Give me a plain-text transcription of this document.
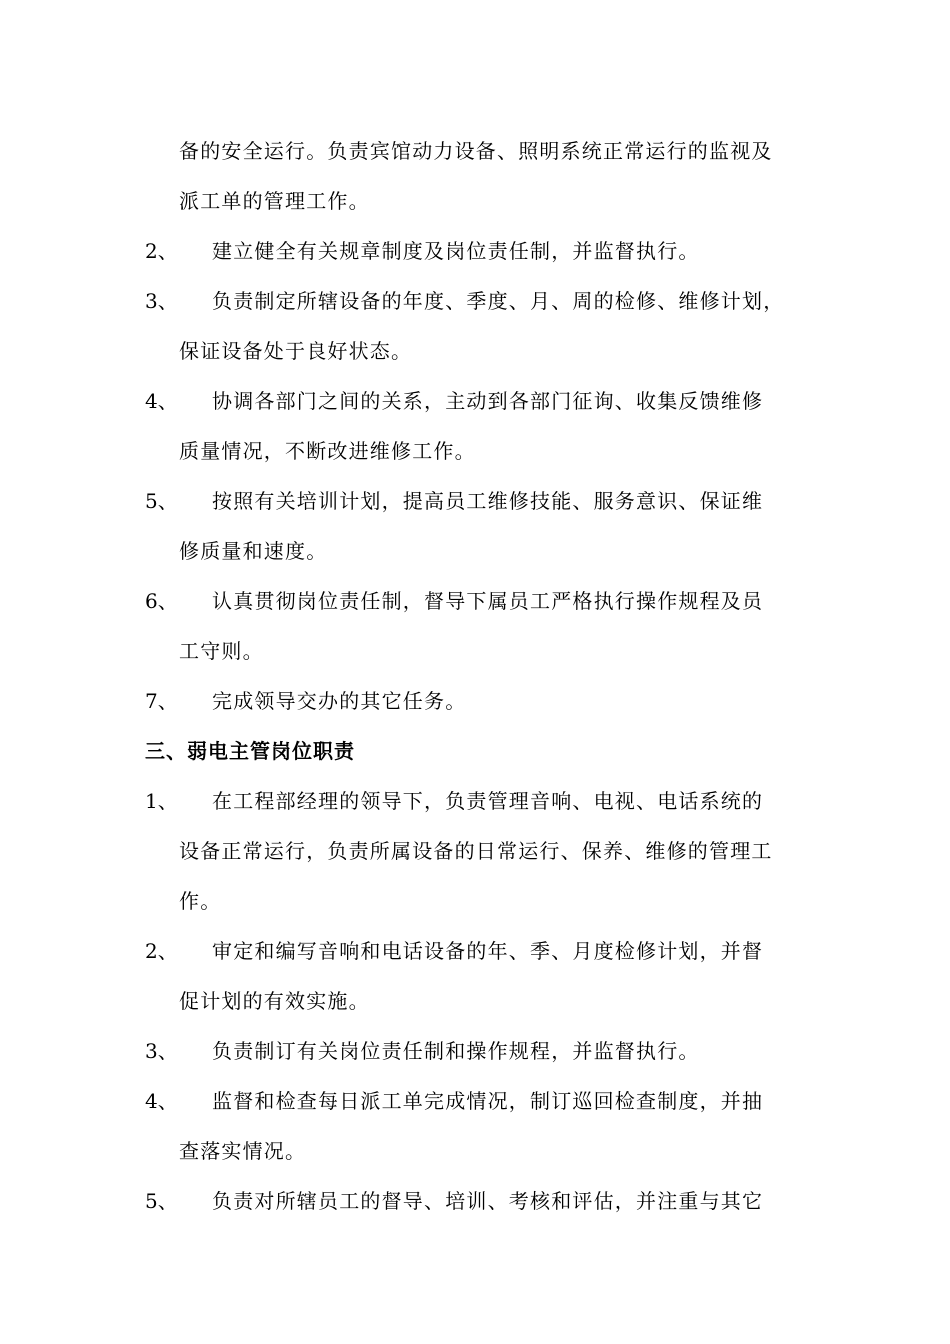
备的安全运行。负责宾馆动力设备、照明系统正常运行的监视及
派工单的管理工作。
2、 建立健全有关规章制度及岗位责任制，并监督执行。
3、 负责制定所辖设备的年度、季度、月、周的检修、维修计划，
保证设备处于良好状态。
4、 协调各部门之间的关系，主动到各部门征询、收集反馈维修
质量情况，不断改进维修工作。
5、 按照有关培训计划，提高员工维修技能、服务意识、保证维
修质量和速度。
6、 认真贯彻岗位责任制，督导下属员工严格执行操作规程及员
工守则。
7、 完成领导交办的其它任务。
三、弱电主管岗位职责
1、 在工程部经理的领导下，负责管理音响、电视、电话系统的
设备正常运行，负责所属设备的日常运行、保养、维修的管理工
作。
2、 审定和编写音响和电话设备的年、季、月度检修计划，并督
促计划的有效实施。
3、 负责制订有关岗位责任制和操作规程，并监督执行。
4、 监督和检查每日派工单完成情况，制订巡回检查制度，并抽
查落实情况。
5、 负责对所辖员工的督导、培训、考核和评估，并注重与其它
